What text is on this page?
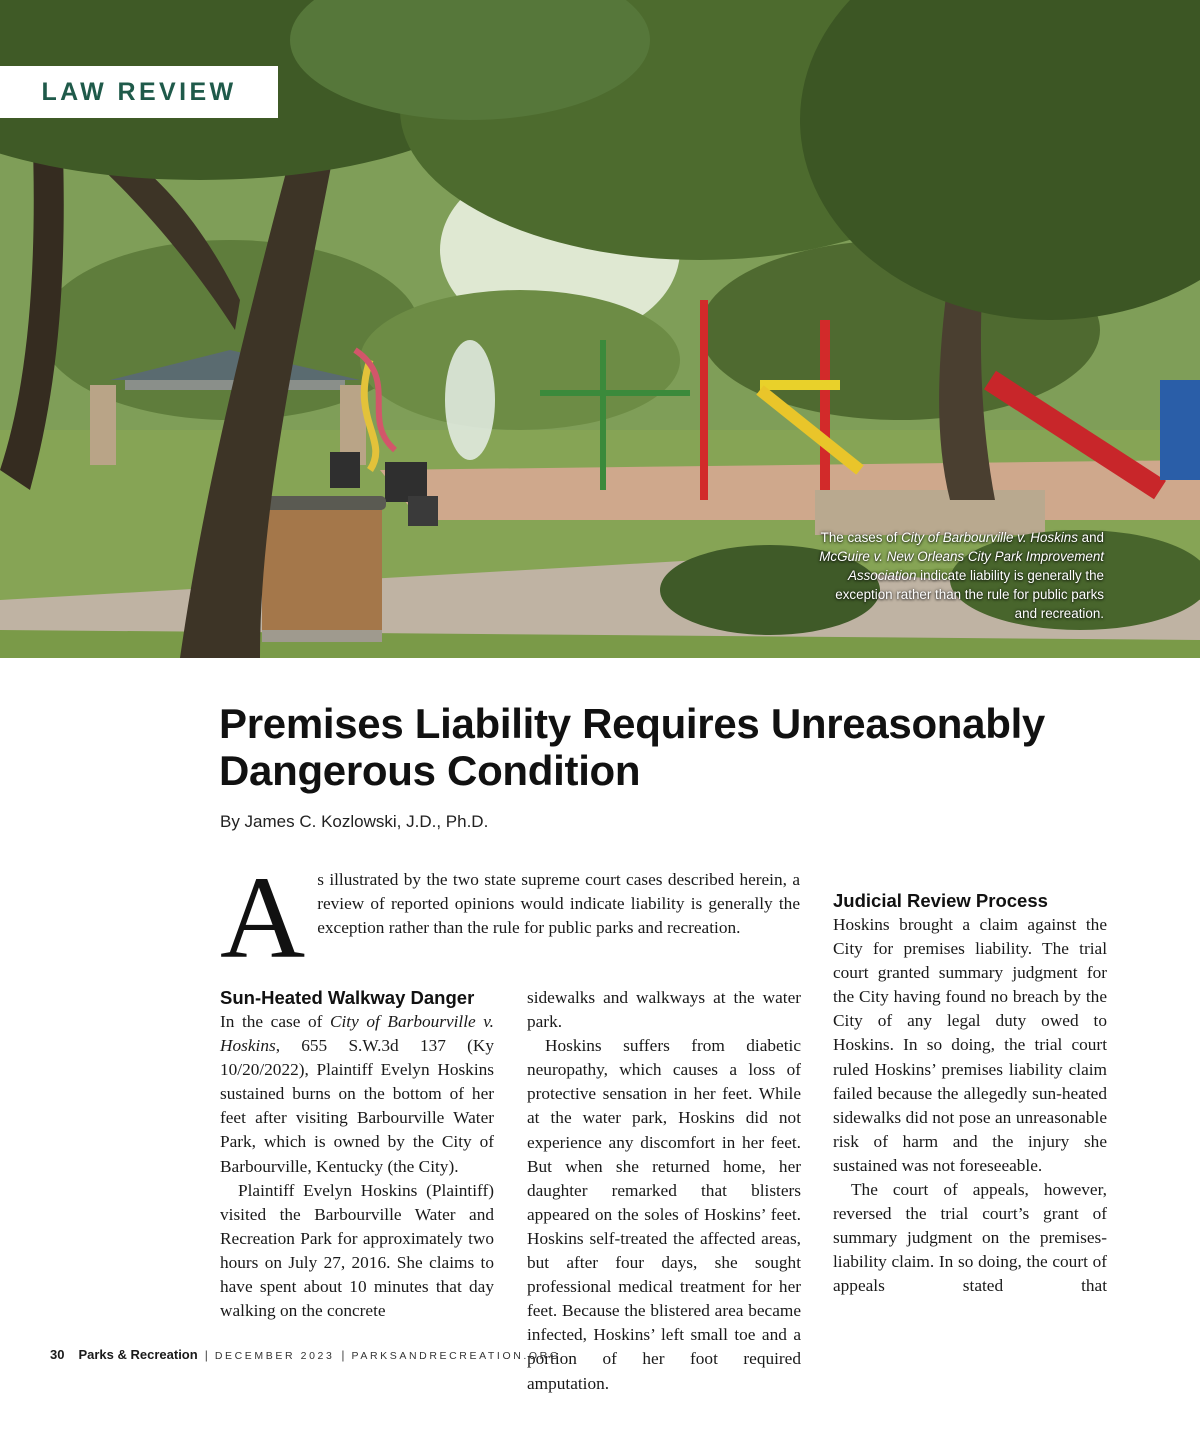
LAW REVIEW
The cases of City of Barbourville v. Hoskins and McGuire v. New Orleans City Park Improvement Association indicate liability is generally the exception rather than the rule for public parks and recreation.
Premises Liability Requires Unreasonably Dangerous Condition
By James C. Kozlowski, J.D., Ph.D.

As illustrated by the two state supreme court cases described herein, a review of reported opinions would indicate liability is generally the exception rather than the rule for public parks and recreation.

Sun-Heated Walkway Danger

In the case of City of Barbourville v. Hoskins, 655 S.W.3d 137 (Ky 10/20/2022), Plaintiff Evelyn Hoskins sustained burns on the bottom of her feet after visiting Barbourville Water Park, which is owned by the City of Barbourville, Kentucky (the City).

Plaintiff Evelyn Hoskins (Plaintiff) visited the Barbourville Water and Recreation Park for approximately two hours on July 27, 2016. She claims to have spent about 10 minutes that day walking on the concrete

sidewalks and walkways at the water park.

Hoskins suffers from diabetic neuropathy, which causes a loss of protective sensation in her feet. While at the water park, Hoskins did not experience any discomfort in her feet. But when she returned home, her daughter remarked that blisters appeared on the soles of Hoskins’ feet. Hoskins self-treated the affected areas, but after four days, she sought professional medical treatment for her feet. Because the blistered area became infected, Hoskins’ left small toe and a portion of her foot required amputation.

Judicial Review Process

Hoskins brought a claim against the City for premises liability. The trial court granted summary judgment for the City having found no breach by the City of any legal duty owed to Hoskins. In so doing, the trial court ruled Hoskins’ premises liability claim failed because the allegedly sun-heated sidewalks did not pose an unreasonable risk of harm and the injury she sustained was not foreseeable.

The court of appeals, however, reversed the trial court’s grant of summary judgment on the premises-liability claim. In so doing, the court of appeals stated that

30 Parks & Recreation | DECEMBER 2023 | PARKSANDRECREATION.ORG
